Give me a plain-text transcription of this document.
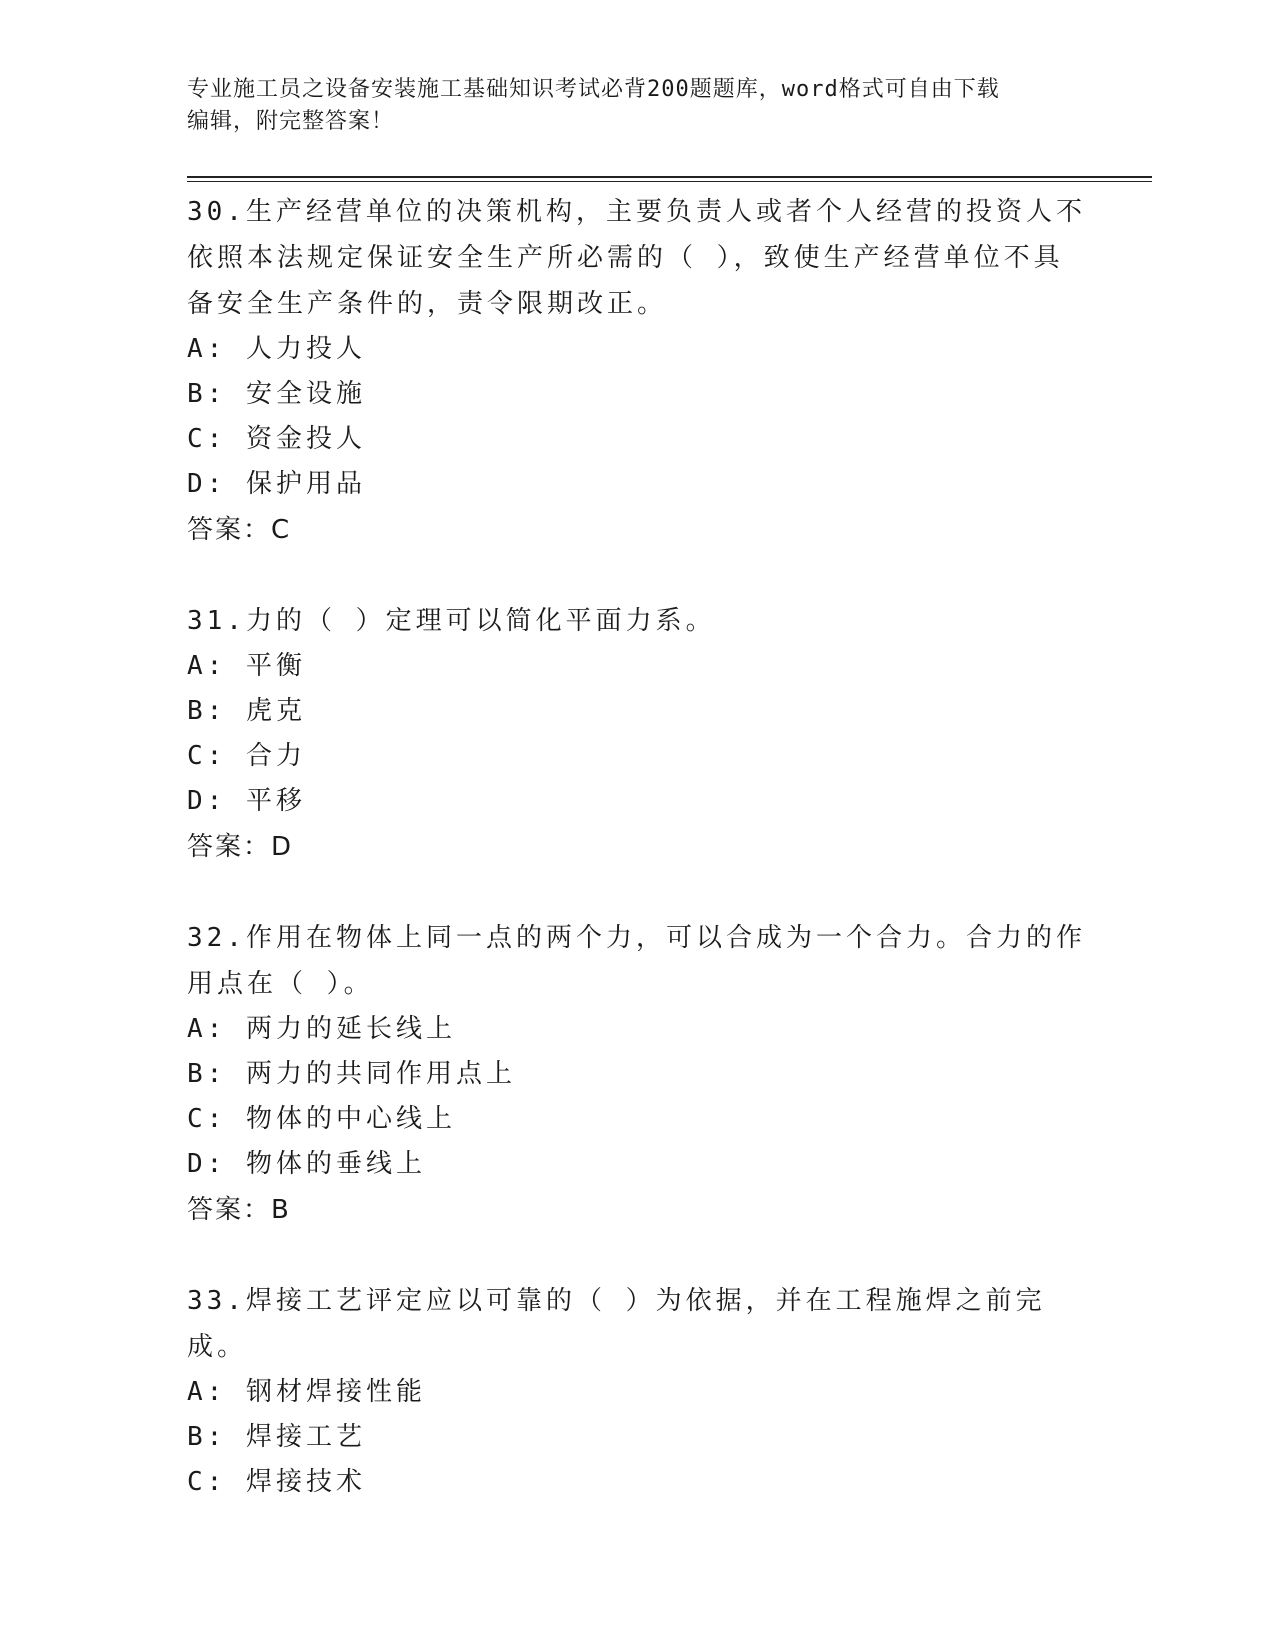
专业施工员之设备安装施工基础知识考试必背200题题库，word格式可自由下载
编辑，附完整答案！

30.生产经营单位的决策机构，主要负责人或者个人经营的投资人不依照本法规定保证安全生产所必需的（ ），致使生产经营单位不具备安全生产条件的，责令限期改正。

A: 人力投人

B: 安全设施

C: 资金投人

D: 保护用品

答案：C

31.力的（ ）定理可以简化平面力系。

A: 平衡

B: 虎克

C: 合力

D: 平移

答案：D

32.作用在物体上同一点的两个力，可以合成为一个合力。合力的作用点在（ ）。

A: 两力的延长线上

B: 两力的共同作用点上

C: 物体的中心线上

D: 物体的垂线上

答案：B

33.焊接工艺评定应以可靠的（ ）为依据，并在工程施焊之前完成。

A: 钢材焊接性能

B: 焊接工艺

C: 焊接技术
